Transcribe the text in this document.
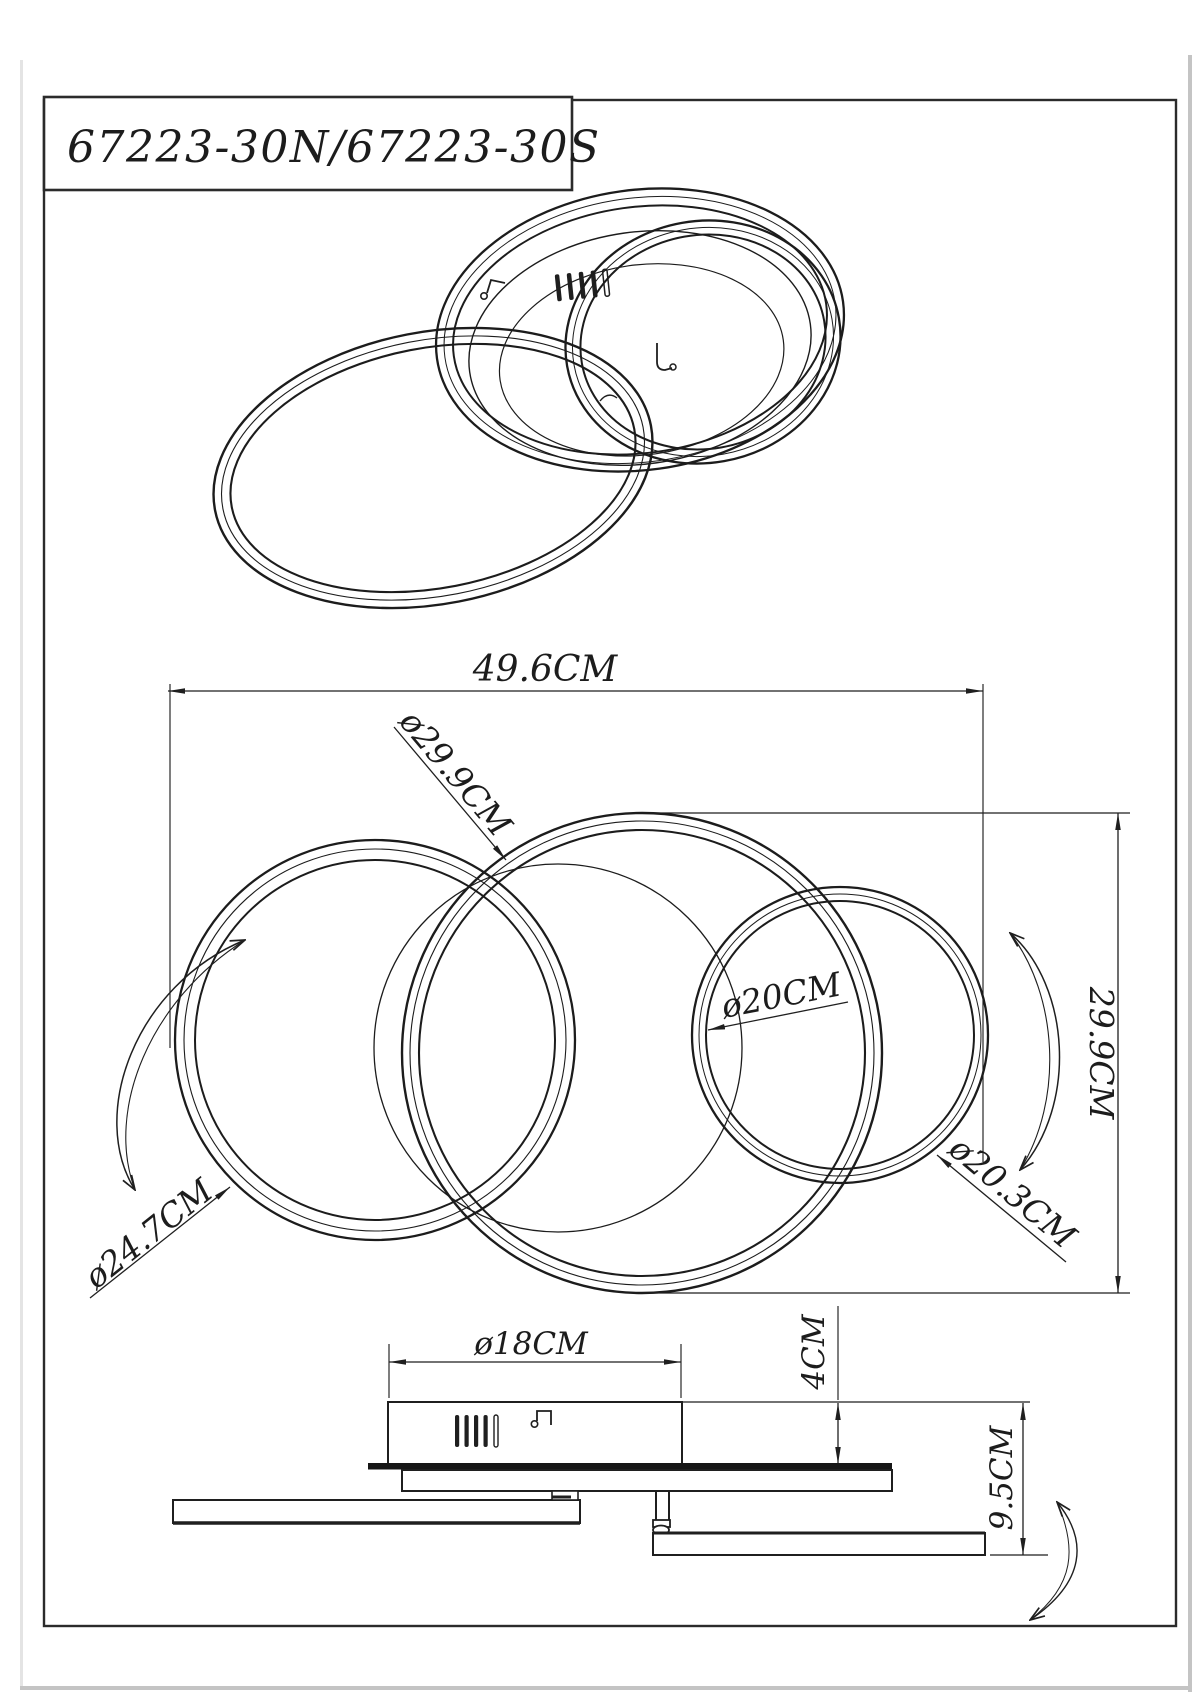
67223-30N/67223-30S
49.6CM
29.9CM
ø29.9CM
ø20CM
ø20.3CM
ø24.7CM
ø18CM	4CM
9.5CM
